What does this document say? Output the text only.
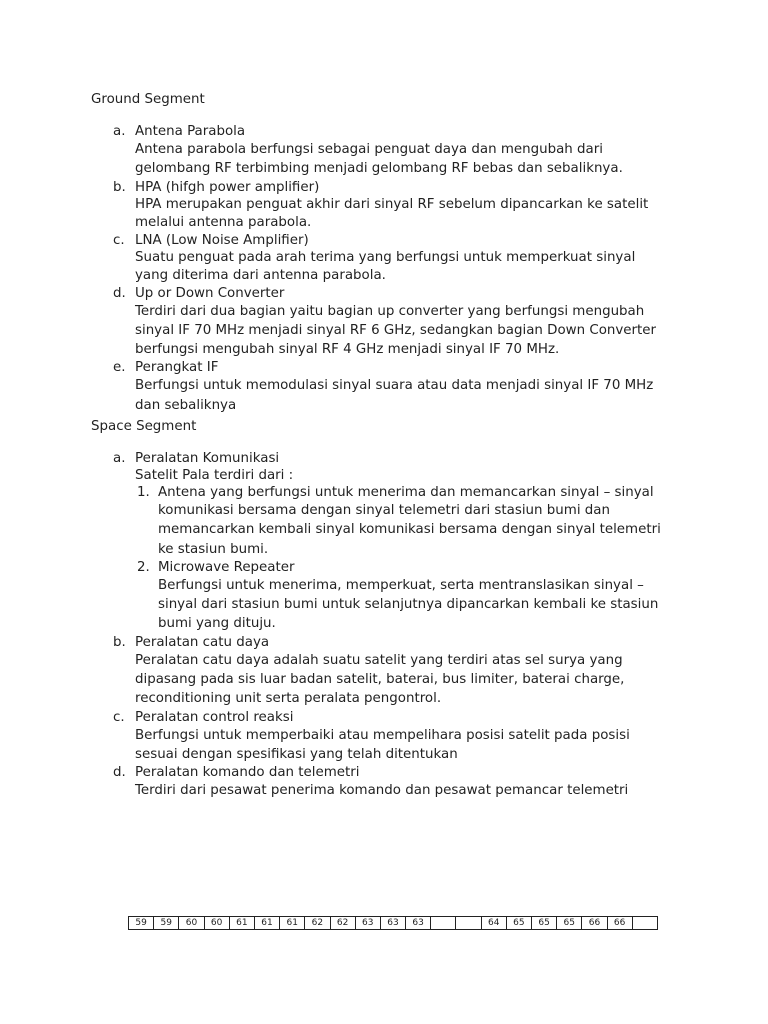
Ground Segment
a. Antena Parabola
Antena parabola berfungsi sebagai penguat daya dan mengubah dari
gelombang RF terbimbing menjadi gelombang RF bebas dan sebaliknya.
b. HPA (hifgh power amplifier)
HPA merupakan penguat akhir dari sinyal RF sebelum dipancarkan ke satelit
melalui antenna parabola.
c. LNA (Low Noise Amplifier)
Suatu penguat pada arah terima yang berfungsi untuk memperkuat sinyal
yang diterima dari antenna parabola.
d. Up or Down Converter
Terdiri dari dua bagian yaitu bagian up converter yang berfungsi mengubah
sinyal IF 70 MHz menjadi sinyal RF 6 GHz, sedangkan bagian Down Converter
berfungsi mengubah sinyal RF 4 GHz menjadi sinyal IF 70 MHz.
e. Perangkat IF
Berfungsi untuk memodulasi sinyal suara atau data menjadi sinyal IF 70 MHz
dan sebaliknya
Space Segment
a. Peralatan Komunikasi
Satelit Pala terdiri dari :
1. Antena yang berfungsi untuk menerima dan memancarkan sinyal – sinyal
komunikasi bersama dengan sinyal telemetri dari stasiun bumi dan
memancarkan kembali sinyal komunikasi bersama dengan sinyal telemetri
ke stasiun bumi.
2. Microwave Repeater
Berfungsi untuk menerima, memperkuat, serta mentranslasikan sinyal –
sinyal dari stasiun bumi untuk selanjutnya dipancarkan kembali ke stasiun
bumi yang dituju.
b. Peralatan catu daya
Peralatan catu daya adalah suatu satelit yang terdiri atas sel surya yang
dipasang pada sis luar badan satelit, baterai, bus limiter, baterai charge,
reconditioning unit serta peralata pengontrol.
c. Peralatan control reaksi
Berfungsi untuk memperbaiki atau mempelihara posisi satelit pada posisi
sesuai dengan spesifikasi yang telah ditentukan
d. Peralatan komando dan telemetri
Terdiri dari pesawat penerima komando dan pesawat pemancar telemetri
59	59	60	60	61	61	61	62	62	63	63	63			64	65	65	65	66	66	
